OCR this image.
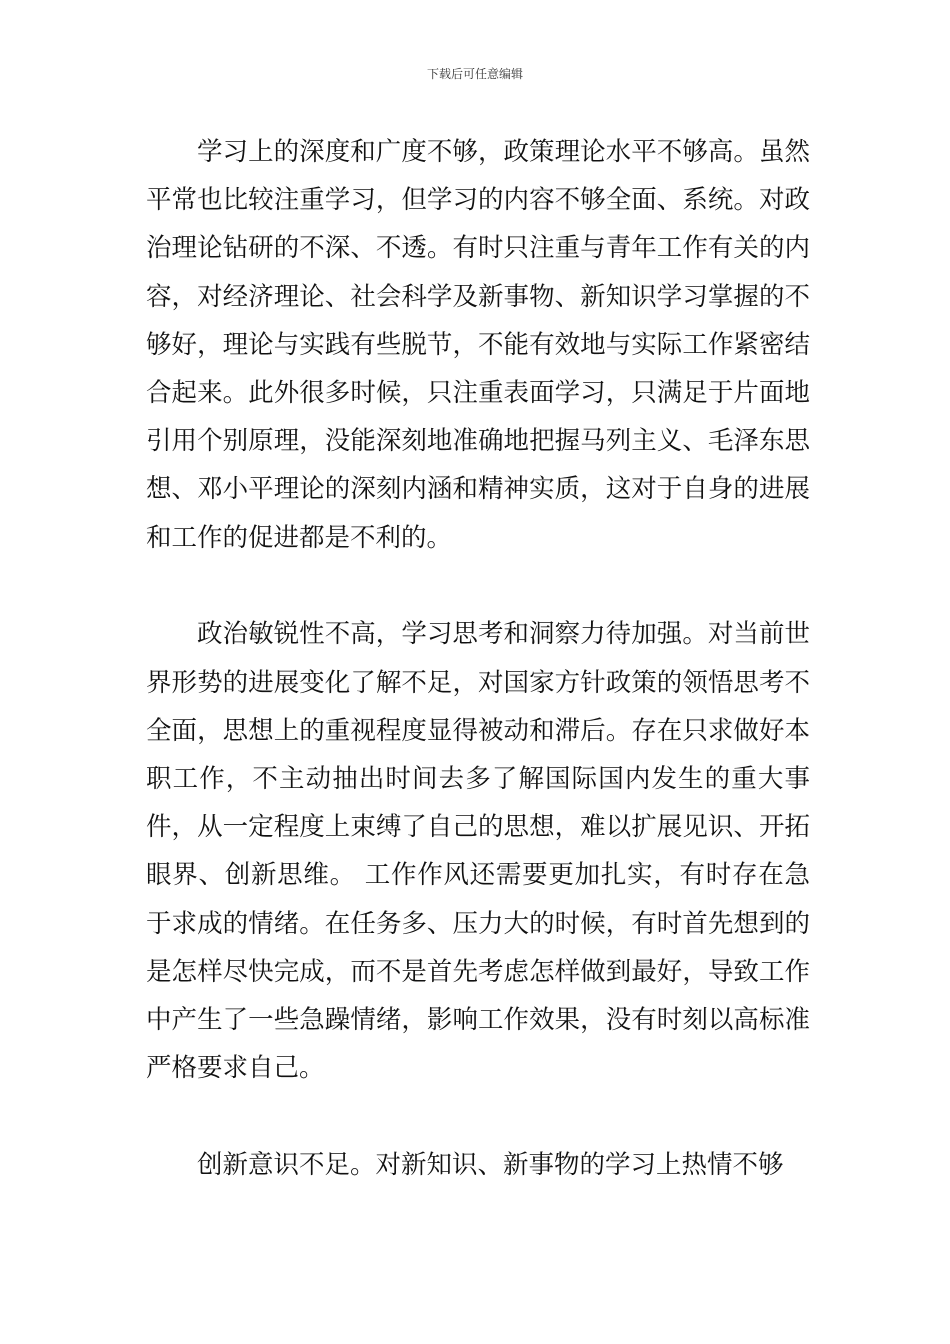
下载后可任意编辑

学习上的深度和广度不够，政策理论水平不够高。虽然平常也比较注重学习，但学习的内容不够全面、系统。对政治理论钻研的不深、不透。有时只注重与青年工作有关的内容，对经济理论、社会科学及新事物、新知识学习掌握的不够好，理论与实践有些脱节，不能有效地与实际工作紧密结合起来。此外很多时候，只注重表面学习，只满足于片面地引用个别原理，没能深刻地准确地把握马列主义、毛泽东思想、邓小平理论的深刻内涵和精神实质，这对于自身的进展和工作的促进都是不利的。

政治敏锐性不高，学习思考和洞察力待加强。对当前世界形势的进展变化了解不足，对国家方针政策的领悟思考不全面，思想上的重视程度显得被动和滞后。存在只求做好本职工作，不主动抽出时间去多了解国际国内发生的重大事件，从一定程度上束缚了自己的思想，难以扩展见识、开拓眼界、创新思维。 工作作风还需要更加扎实，有时存在急于求成的情绪。在任务多、压力大的时候，有时首先想到的是怎样尽快完成，而不是首先考虑怎样做到最好，导致工作中产生了一些急躁情绪，影响工作效果，没有时刻以高标准严格要求自己。

创新意识不足。对新知识、新事物的学习上热情不够
